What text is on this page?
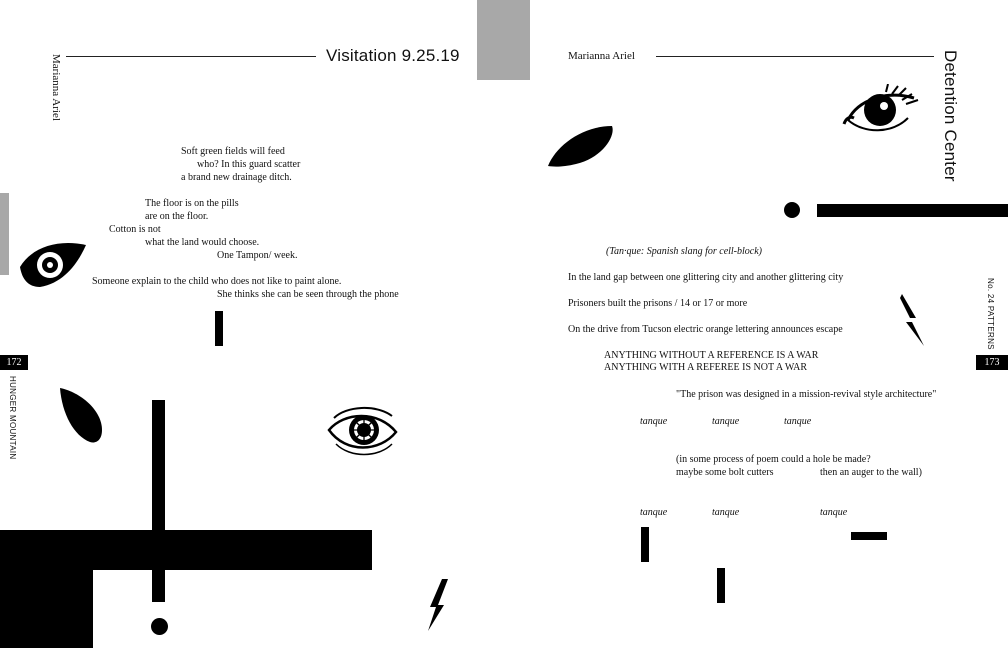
Visitation 9.25.19
Marianna Ariel
Soft green fields will feed
who? In this guard scatter
a brand new drainage ditch.
The floor is on the pills
are on the floor.
Cotton is not
what the land would choose.
One Tampon/ week.
Someone explain to the child who does not like to paint alone.
She thinks she can be seen through the phone
172
HUNGER MOUNTAIN
Marianna Ariel	Detention Center
(Tan·que: Spanish slang for cell-block)
In the land gap between one glittering city and another glittering city
Prisoners built the prisons / 14 or 17 or more
On the drive from Tucson electric orange lettering announces escape
ANYTHING WITHOUT A REFERENCE IS A WAR
ANYTHING WITH A REFEREE IS NOT A WAR
"The prison was designed in a mission-revival style architecture"
tanque	tanque	tanque
(in some process of poem could a hole be made?
maybe some bolt cutters	then an auger to the wall)
tanque	tanque	tanque
No. 24 PATTERNS
173
